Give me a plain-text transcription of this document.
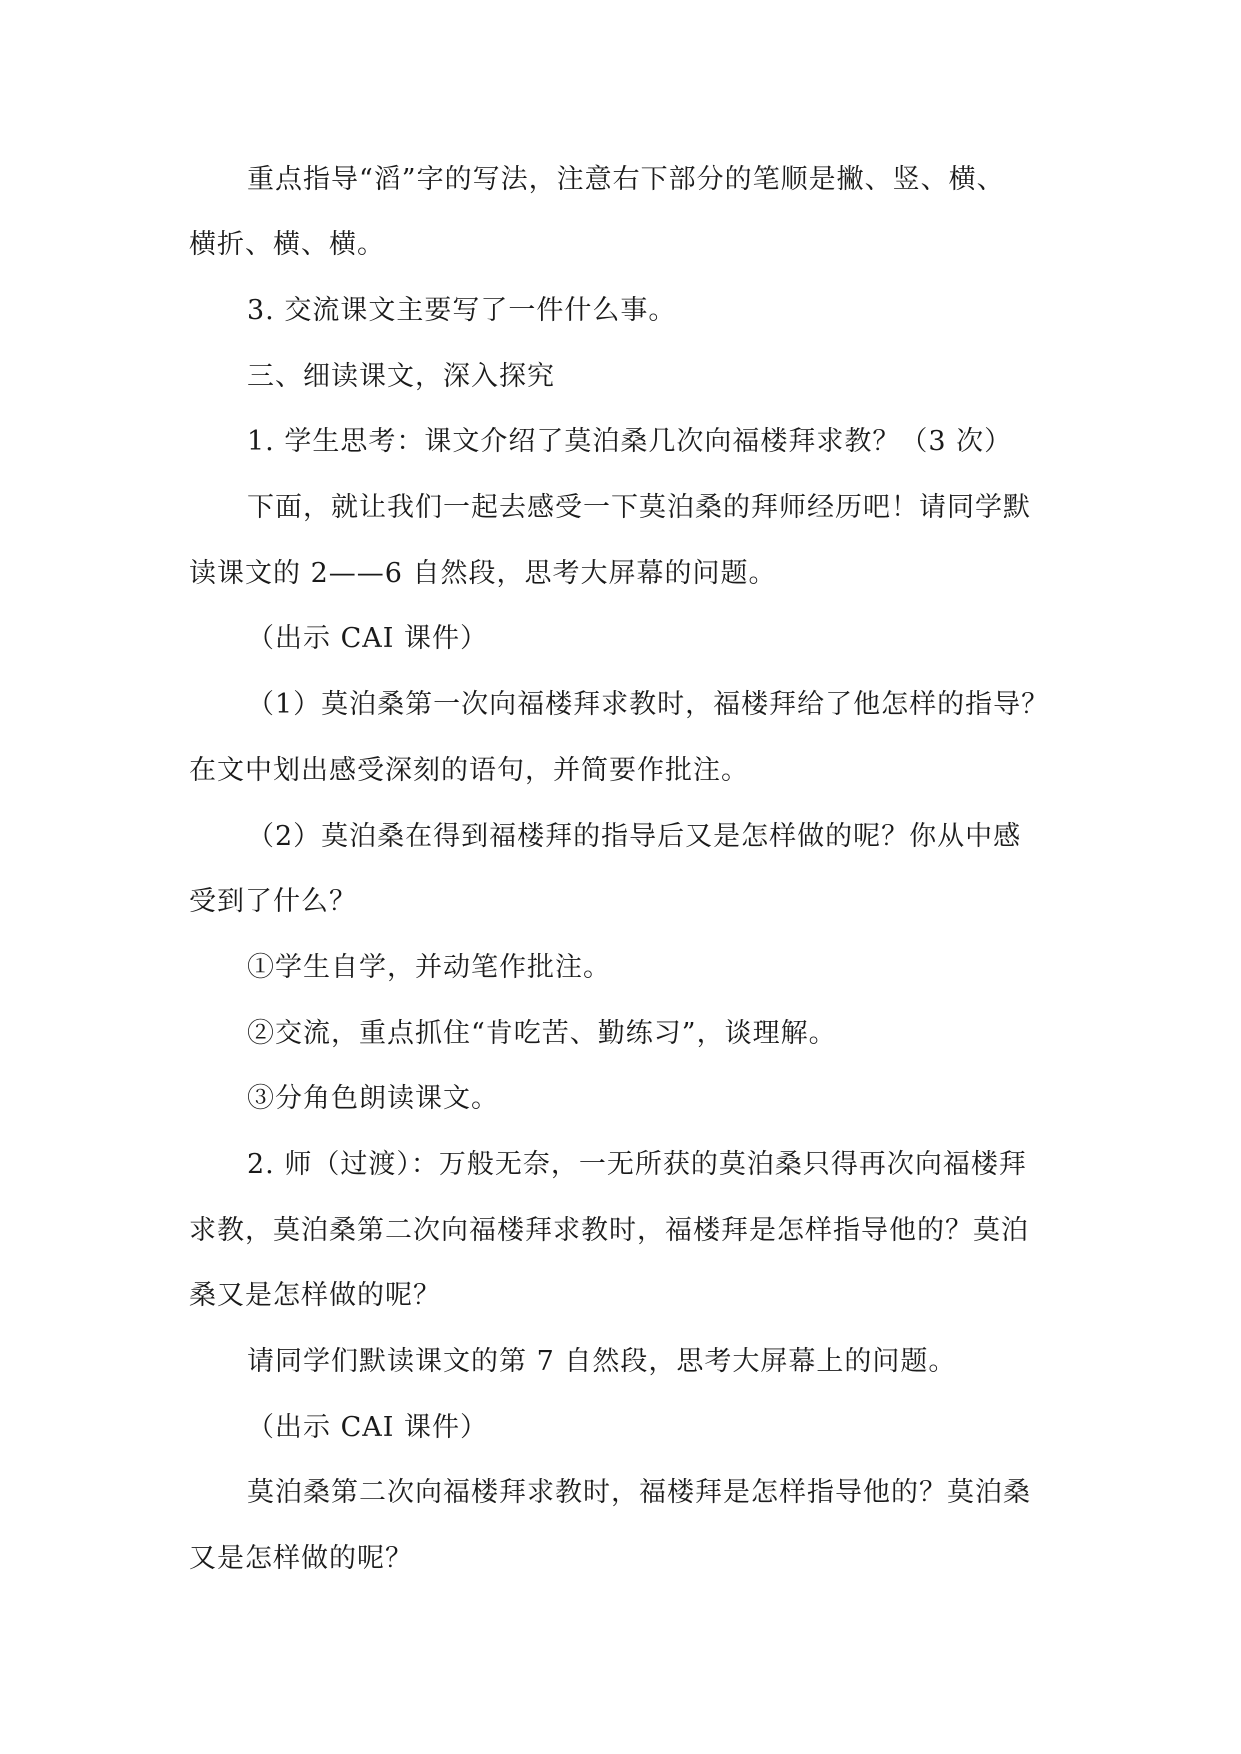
重点指导“滔”字的写法，注意右下部分的笔顺是撇、竖、横、
横折、横、横。
3. 交流课文主要写了一件什么事。
三、细读课文，深入探究
1. 学生思考：课文介绍了莫泊桑几次向福楼拜求教？（3 次）
下面，就让我们一起去感受一下莫泊桑的拜师经历吧！请同学默
读课文的 2——6 自然段，思考大屏幕的问题。
（出示 CAI 课件）
（1）莫泊桑第一次向福楼拜求教时，福楼拜给了他怎样的指导？
在文中划出感受深刻的语句，并简要作批注。
（2）莫泊桑在得到福楼拜的指导后又是怎样做的呢？你从中感
受到了什么？
①学生自学，并动笔作批注。
②交流，重点抓住“肯吃苦、勤练习”，谈理解。
③分角色朗读课文。
2. 师（过渡）：万般无奈，一无所获的莫泊桑只得再次向福楼拜
求教，莫泊桑第二次向福楼拜求教时，福楼拜是怎样指导他的？莫泊
桑又是怎样做的呢？
请同学们默读课文的第 7 自然段，思考大屏幕上的问题。
（出示 CAI 课件）
莫泊桑第二次向福楼拜求教时，福楼拜是怎样指导他的？莫泊桑
又是怎样做的呢？
